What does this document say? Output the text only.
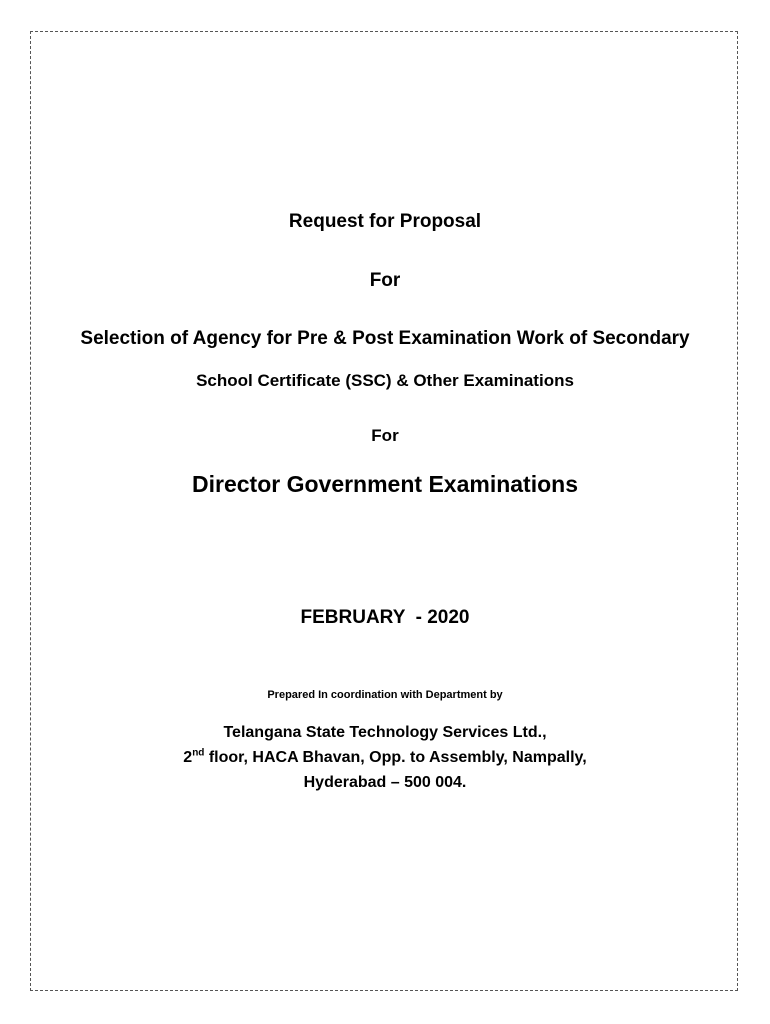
Request for Proposal
For
Selection of Agency for Pre & Post Examination Work of Secondary
School Certificate (SSC) & Other Examinations
For
Director Government Examinations
FEBRUARY  - 2020
Prepared In coordination with Department by
Telangana State Technology Services Ltd.,
2nd floor, HACA Bhavan, Opp. to Assembly, Nampally,
Hyderabad – 500 004.
